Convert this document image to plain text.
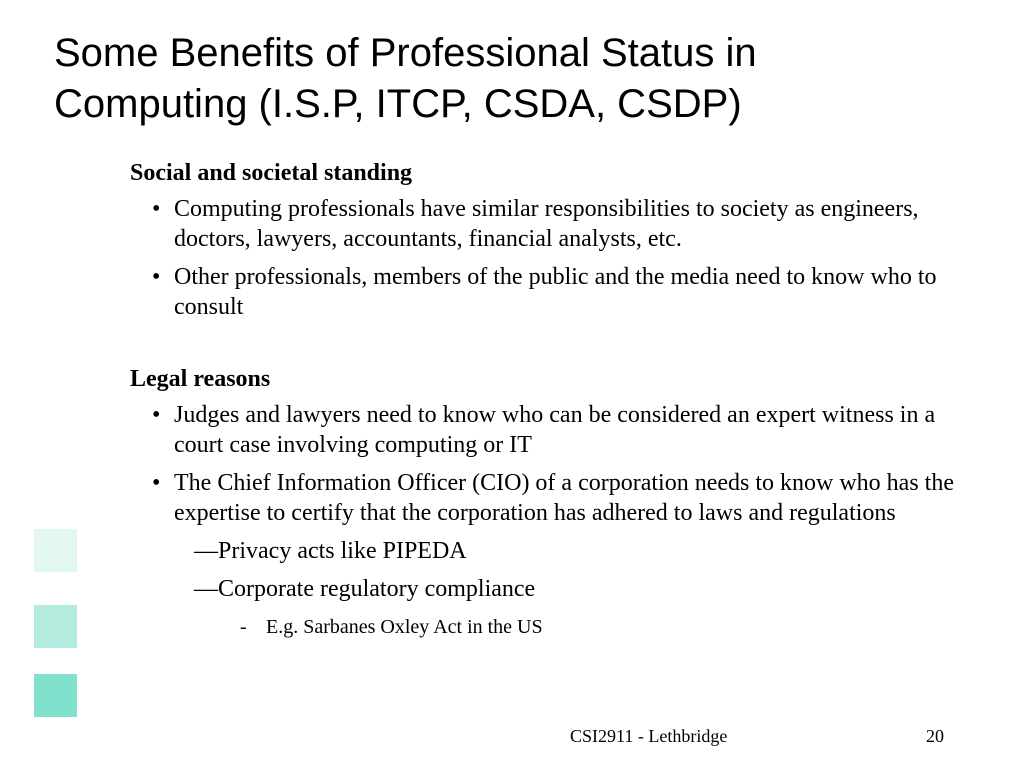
Some Benefits of Professional Status in
Computing (I.S.P, ITCP, CSDA, CSDP)
Social and societal standing
• Computing professionals have similar responsibilities to society as engineers, doctors, lawyers, accountants, financial analysts, etc.
• Other professionals, members of the public and the media need to know who to consult
Legal reasons
• Judges and lawyers need to know who can be considered an expert witness in a court case involving computing or IT
• The Chief Information Officer (CIO) of a corporation needs to know who has the expertise to certify that the corporation has adhered to laws and regulations
—Privacy acts like PIPEDA
—Corporate regulatory compliance
- E.g. Sarbanes Oxley Act in the US
CSI2911 - Lethbridge	20
